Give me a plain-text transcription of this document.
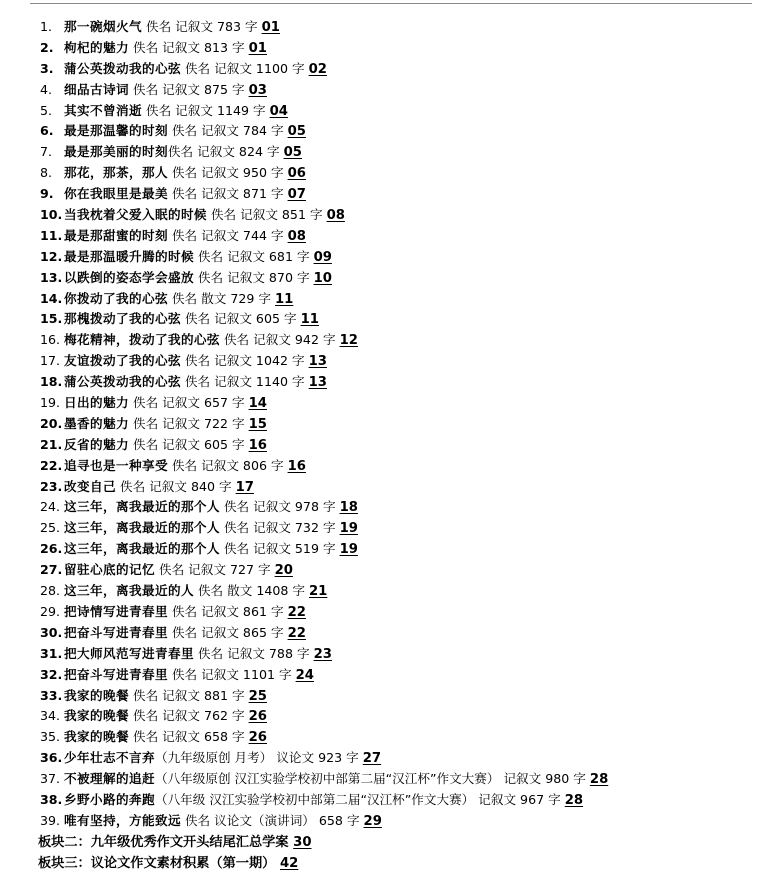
1. 那一碗烟火气 佚名 记叙文 783 字 01
2. 枸杞的魅力 佚名 记叙文 813 字 01
3. 蒲公英拨动我的心弦 佚名 记叙文 1100 字 02
4. 细品古诗词 佚名 记叙文 875 字 03
5. 其实不曾消逝 佚名 记叙文 1149 字 04
6. 最是那温馨的时刻 佚名 记叙文 784 字 05
7. 最是那美丽的时刻佚名 记叙文 824 字 05
8. 那花，那茶，那人 佚名 记叙文 950 字 06
9. 你在我眼里是最美 佚名 记叙文 871 字 07
10. 当我枕着父爱入眠的时候 佚名 记叙文 851 字 08
11. 最是那甜蜜的时刻 佚名 记叙文 744 字 08
12. 最是那温暖升腾的时候 佚名 记叙文 681 字 09
13. 以跌倒的姿态学会盛放 佚名 记叙文 870 字 10
14. 你拨动了我的心弦 佚名 散文 729 字 11
15. 那槐拨动了我的心弦 佚名 记叙文 605 字 11
16. 梅花精神，拨动了我的心弦 佚名 记叙文 942 字 12
17. 友谊拨动了我的心弦 佚名 记叙文 1042 字 13
18. 蒲公英拨动我的心弦 佚名 记叙文 1140 字 13
19. 日出的魅力 佚名 记叙文 657 字 14
20. 墨香的魅力 佚名 记叙文 722 字 15
21. 反省的魅力 佚名 记叙文 605 字 16
22. 追寻也是一种享受 佚名 记叙文 806 字 16
23. 改变自己 佚名 记叙文 840 字 17
24. 这三年，离我最近的那个人 佚名 记叙文 978 字 18
25. 这三年，离我最近的那个人 佚名 记叙文 732 字 19
26. 这三年，离我最近的那个人 佚名 记叙文 519 字 19
27. 留驻心底的记忆 佚名 记叙文 727 字 20
28. 这三年，离我最近的人 佚名 散文 1408 字 21
29. 把诗情写进青春里 佚名 记叙文 861 字 22
30. 把奋斗写进青春里 佚名 记叙文 865 字 22
31. 把大师风范写进青春里 佚名 记叙文 788 字 23
32. 把奋斗写进青春里 佚名 记叙文 1101 字 24
33. 我家的晚餐 佚名 记叙文 881 字 25
34. 我家的晚餐 佚名 记叙文 762 字 26
35. 我家的晚餐 佚名 记叙文 658 字 26
36. 少年壮志不言弃（九年级原创 月考） 议论文 923 字 27
37. 不被理解的追赶（八年级原创 汉江实验学校初中部第二届“汉江杯”作文大赛） 记叙文 980 字 28
38. 乡野小路的奔跑（八年级 汉江实验学校初中部第二届“汉江杯”作文大赛） 记叙文 967 字 28
39. 唯有坚持，方能致远 佚名 议论文（演讲词） 658 字 29
板块二：九年级优秀作文开头结尾汇总学案 30
板块三：议论文作文素材积累（第一期） 42
